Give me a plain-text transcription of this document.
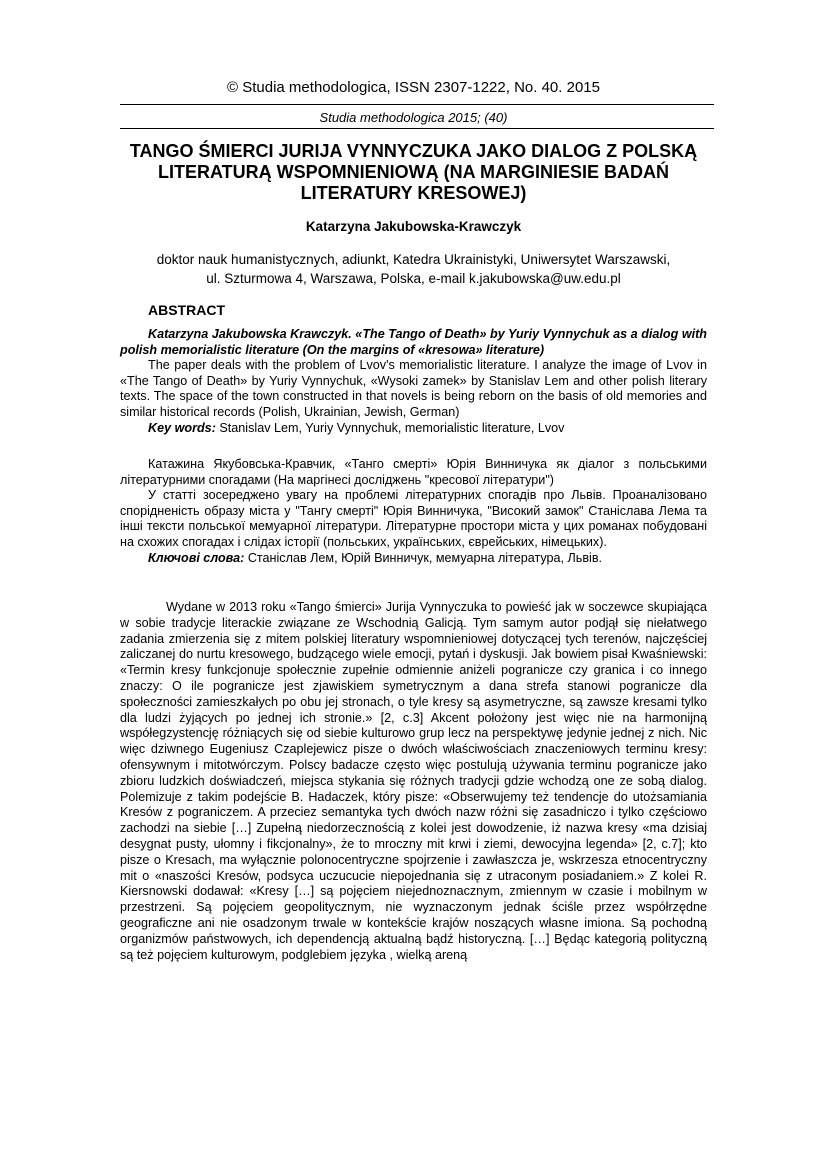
© Studia methodologica, ISSN 2307-1222, No. 40. 2015
Studia methodologica 2015; (40)
TANGO ŚMIERCI JURIJA VYNNYCZUKA JAKO DIALOG Z POLSKĄ LITERATURĄ WSPOMNIENIOWĄ (NA MARGINIESIE BADAŃ LITERATURY KRESOWEJ)
Katarzyna Jakubowska-Krawczyk
doktor nauk humanistycznych, adiunkt, Katedra Ukrainistyki, Uniwersytet Warszawski,
ul. Szturmowa 4, Warszawa, Polska, e-mail k.jakubowska@uw.edu.pl
ABSTRACT

Katarzyna Jakubowska Krawczyk. «The Tango of Death» by Yuriy Vynnychuk as a dialog with polish memorialistic literature (On the margins of «kresowa» literature)

The paper deals with the problem of Lvov's memorialistic literature. I analyze the image of Lvov in «The Tango of Death» by Yuriy Vynnychuk, «Wysoki zamek» by Stanislav Lem and other polish literary texts. The space of the town constructed in that novels is being reborn on the basis of old memories and similar historical records (Polish, Ukrainian, Jewish, German)

Key words: Stanislav Lem, Yuriy Vynnychuk, memorialistic literature, Lvov

Катажина Якубовська-Кравчик, «Танго смерті» Юрія Винничука як діалог з польськими літературними спогадами (На маргінесі досліджень "кресової літератури")

У статті зосереджено увагу на проблемі літературних спогадів про Львів. Проаналізовано спорідненість образу міста у "Тангу смерті" Юрія Винничука, "Високий замок" Станіслава Лема та інші тексти польської мемуарної літератури. Літературне простори міста у цих романах побудовані на схожих спогадах і слідах історії (польських, українських, єврейських, німецьких).

Ключові слова: Станіслав Лем, Юрій Винничук, мемуарна література, Львів.

Wydane w 2013 roku «Tango śmierci» Jurija Vynnyczuka to powieść jak w soczewce skupiająca w sobie tradycje literackie związane ze Wschodnią Galicją. Tym samym autor podjął się niełatwego zadania zmierzenia się z mitem polskiej literatury wspomnieniowej dotyczącej tych terenów, najczęściej zaliczanej do nurtu kresowego, budzącego wiele emocji, pytań i dyskusji. Jak bowiem pisał Kwaśniewski: «Termin kresy funkcjonuje społecznie zupełnie odmiennie aniżeli pogranicze czy granica i co innego znaczy: O ile pogranicze jest zjawiskiem symetrycznym a dana strefa stanowi pogranicze dla społeczności zamieszkałych po obu jej stronach, o tyle kresy są asymetryczne, są zawsze kresami tylko dla ludzi żyjących po jednej ich stronie.» [2, c.3] Akcent położony jest więc nie na harmonijną współegzystencję różniących się od siebie kulturowo grup lecz na perspektywę jedynie jednej z nich. Nic więc dziwnego Eugeniusz Czaplejewicz pisze o dwóch właściwościach znaczeniowych terminu kresy: ofensywnym i mitotwórczym. Polscy badacze często więc postulują używania terminu pogranicze jako zbioru ludzkich doświadczeń, miejsca stykania się różnych tradycji gdzie wchodzą one ze sobą dialog. Polemizuje z takim podejście B. Hadaczek, który pisze: «Obserwujemy też tendencje do utożsamiania Kresów z pograniczem. A przeciez semantyka tych dwóch nazw różni się zasadniczo i tylko częściowo zachodzi na siebie […] Zupełną niedorzecznością z kolei jest dowodzenie, iż nazwa kresy «ma dzisiaj desygnat pusty, ułomny i fikcjonalny», że to mroczny mit krwi i ziemi, dewocyjna legenda» [2, c.7]; kto pisze o Kresach, ma wyłącznie polonocentryczne spojrzenie i zawłaszcza je, wskrzesza etnocentryczny mit o «naszości Kresów, podsyca uczucucie niepojednania się z utraconym posiadaniem.» Z kolei R. Kiersnowski dodawał: «Kresy […] są pojęciem niejednoznacznym, zmiennym w czasie i mobilnym w przestrzeni. Są pojęciem geopolitycznym, nie wyznaczonym jednak ściśle przez współrzędne geograficzne ani nie osadzonym trwale w kontekście krajów noszących własne imiona. Są pochodną organizmów państwowych, ich dependencją aktualną bądź historyczną. […] Będąc kategorią polityczną są też pojęciem kulturowym, podglebiem języka , wielką areną
